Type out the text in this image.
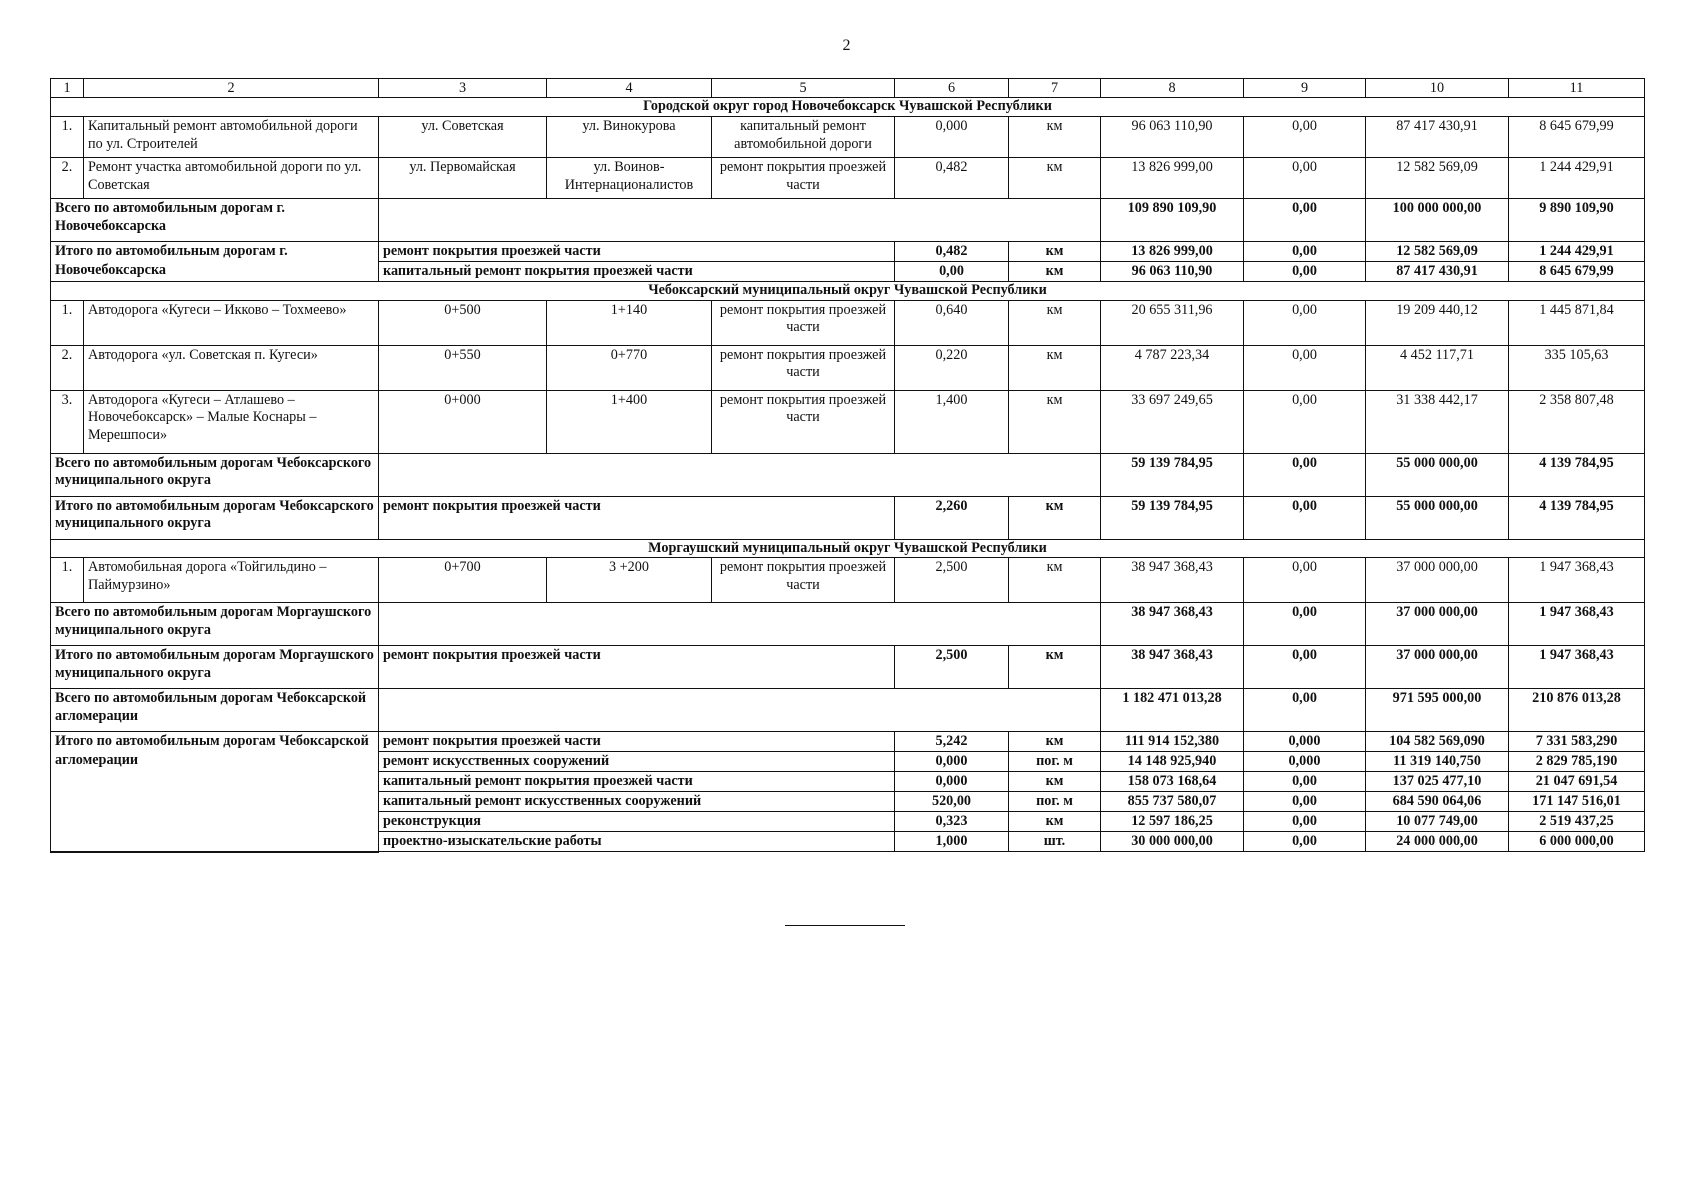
2
1	2	3	4	5	6	7	8	9	10	11
Городской округ город Новочебоксарск Чувашской Республики										
1.	Капитальный ремонт автомобильной дороги по ул. Строителей	ул. Советская	ул. Винокурова	капитальный ремонт автомобильной дороги	0,000	км	96 063 110,90	0,00	87 417 430,91	8 645 679,99
2.	Ремонт участка автомобильной дороги по ул. Советская	ул. Первомайская	ул. Воинов-Интернационалистов	ремонт покрытия проезжей части	0,482	км	13 826 999,00	0,00	12 582 569,09	1 244 429,91
Всего по автомобильным дорогам г. Новочебоксарска							109 890 109,90	0,00	100 000 000,00	9 890 109,90
Итого по автомобильным дорогам г. Новочебоксарска		ремонт покрытия проезжей части			0,482	км	13 826 999,00	0,00	12 582 569,09	1 244 429,91
		капитальный ремонт покрытия проезжей части			0,00	км	96 063 110,90	0,00	87 417 430,91	8 645 679,99
Чебоксарский муниципальный округ Чувашской Республики										
1.	Автодорога «Кугеси – Икково – Тохмеево»	0+500	1+140	ремонт покрытия проезжей части	0,640	км	20 655 311,96	0,00	19 209 440,12	1 445 871,84
2.	Автодорога «ул. Советская п. Кугеси»	0+550	0+770	ремонт покрытия проезжей части	0,220	км	4 787 223,34	0,00	4 452 117,71	335 105,63
3.	Автодорога «Кугеси – Атлашево – Новочебоксарск» – Малые Коснары – Мерешпоси»	0+000	1+400	ремонт покрытия проезжей части	1,400	км	33 697 249,65	0,00	31 338 442,17	2 358 807,48
Всего по автомобильным дорогам Чебоксарского муниципального округа							59 139 784,95	0,00	55 000 000,00	4 139 784,95
Итого по автомобильным дорогам Чебоксарского муниципального округа		ремонт покрытия проезжей части			2,260	км	59 139 784,95	0,00	55 000 000,00	4 139 784,95
Моргаушский муниципальный округ Чувашской Республики										
1.	Автомобильная дорога «Тойгильдино – Паймурзино»	0+700	3 +200	ремонт покрытия проезжей части	2,500	км	38 947 368,43	0,00	37 000 000,00	1 947 368,43
Всего по автомобильным дорогам Моргаушского муниципального округа							38 947 368,43	0,00	37 000 000,00	1 947 368,43
Итого по автомобильным дорогам Моргаушского муниципального округа		ремонт покрытия проезжей части			2,500	км	38 947 368,43	0,00	37 000 000,00	1 947 368,43
Всего по автомобильным дорогам Чебоксарской агломерации							1 182 471 013,28	0,00	971 595 000,00	210 876 013,28
Итого по автомобильным дорогам Чебоксарской агломерации		ремонт покрытия проезжей части			5,242	км	111 914 152,380	0,000	104 582 569,090	7 331 583,290
		ремонт искусственных сооружений			0,000	пог. м	14 148 925,940	0,000	11 319 140,750	2 829 785,190
		капитальный ремонт покрытия проезжей части			0,000	км	158 073 168,64	0,00	137 025 477,10	21 047 691,54
		капитальный ремонт искусственных сооружений			520,00	пог. м	855 737 580,07	0,00	684 590 064,06	171 147 516,01
		реконструкция			0,323	км	12 597 186,25	0,00	10 077 749,00	2 519 437,25
		проектно-изыскательские работы			1,000	шт.	30 000 000,00	0,00	24 000 000,00	6 000 000,00
